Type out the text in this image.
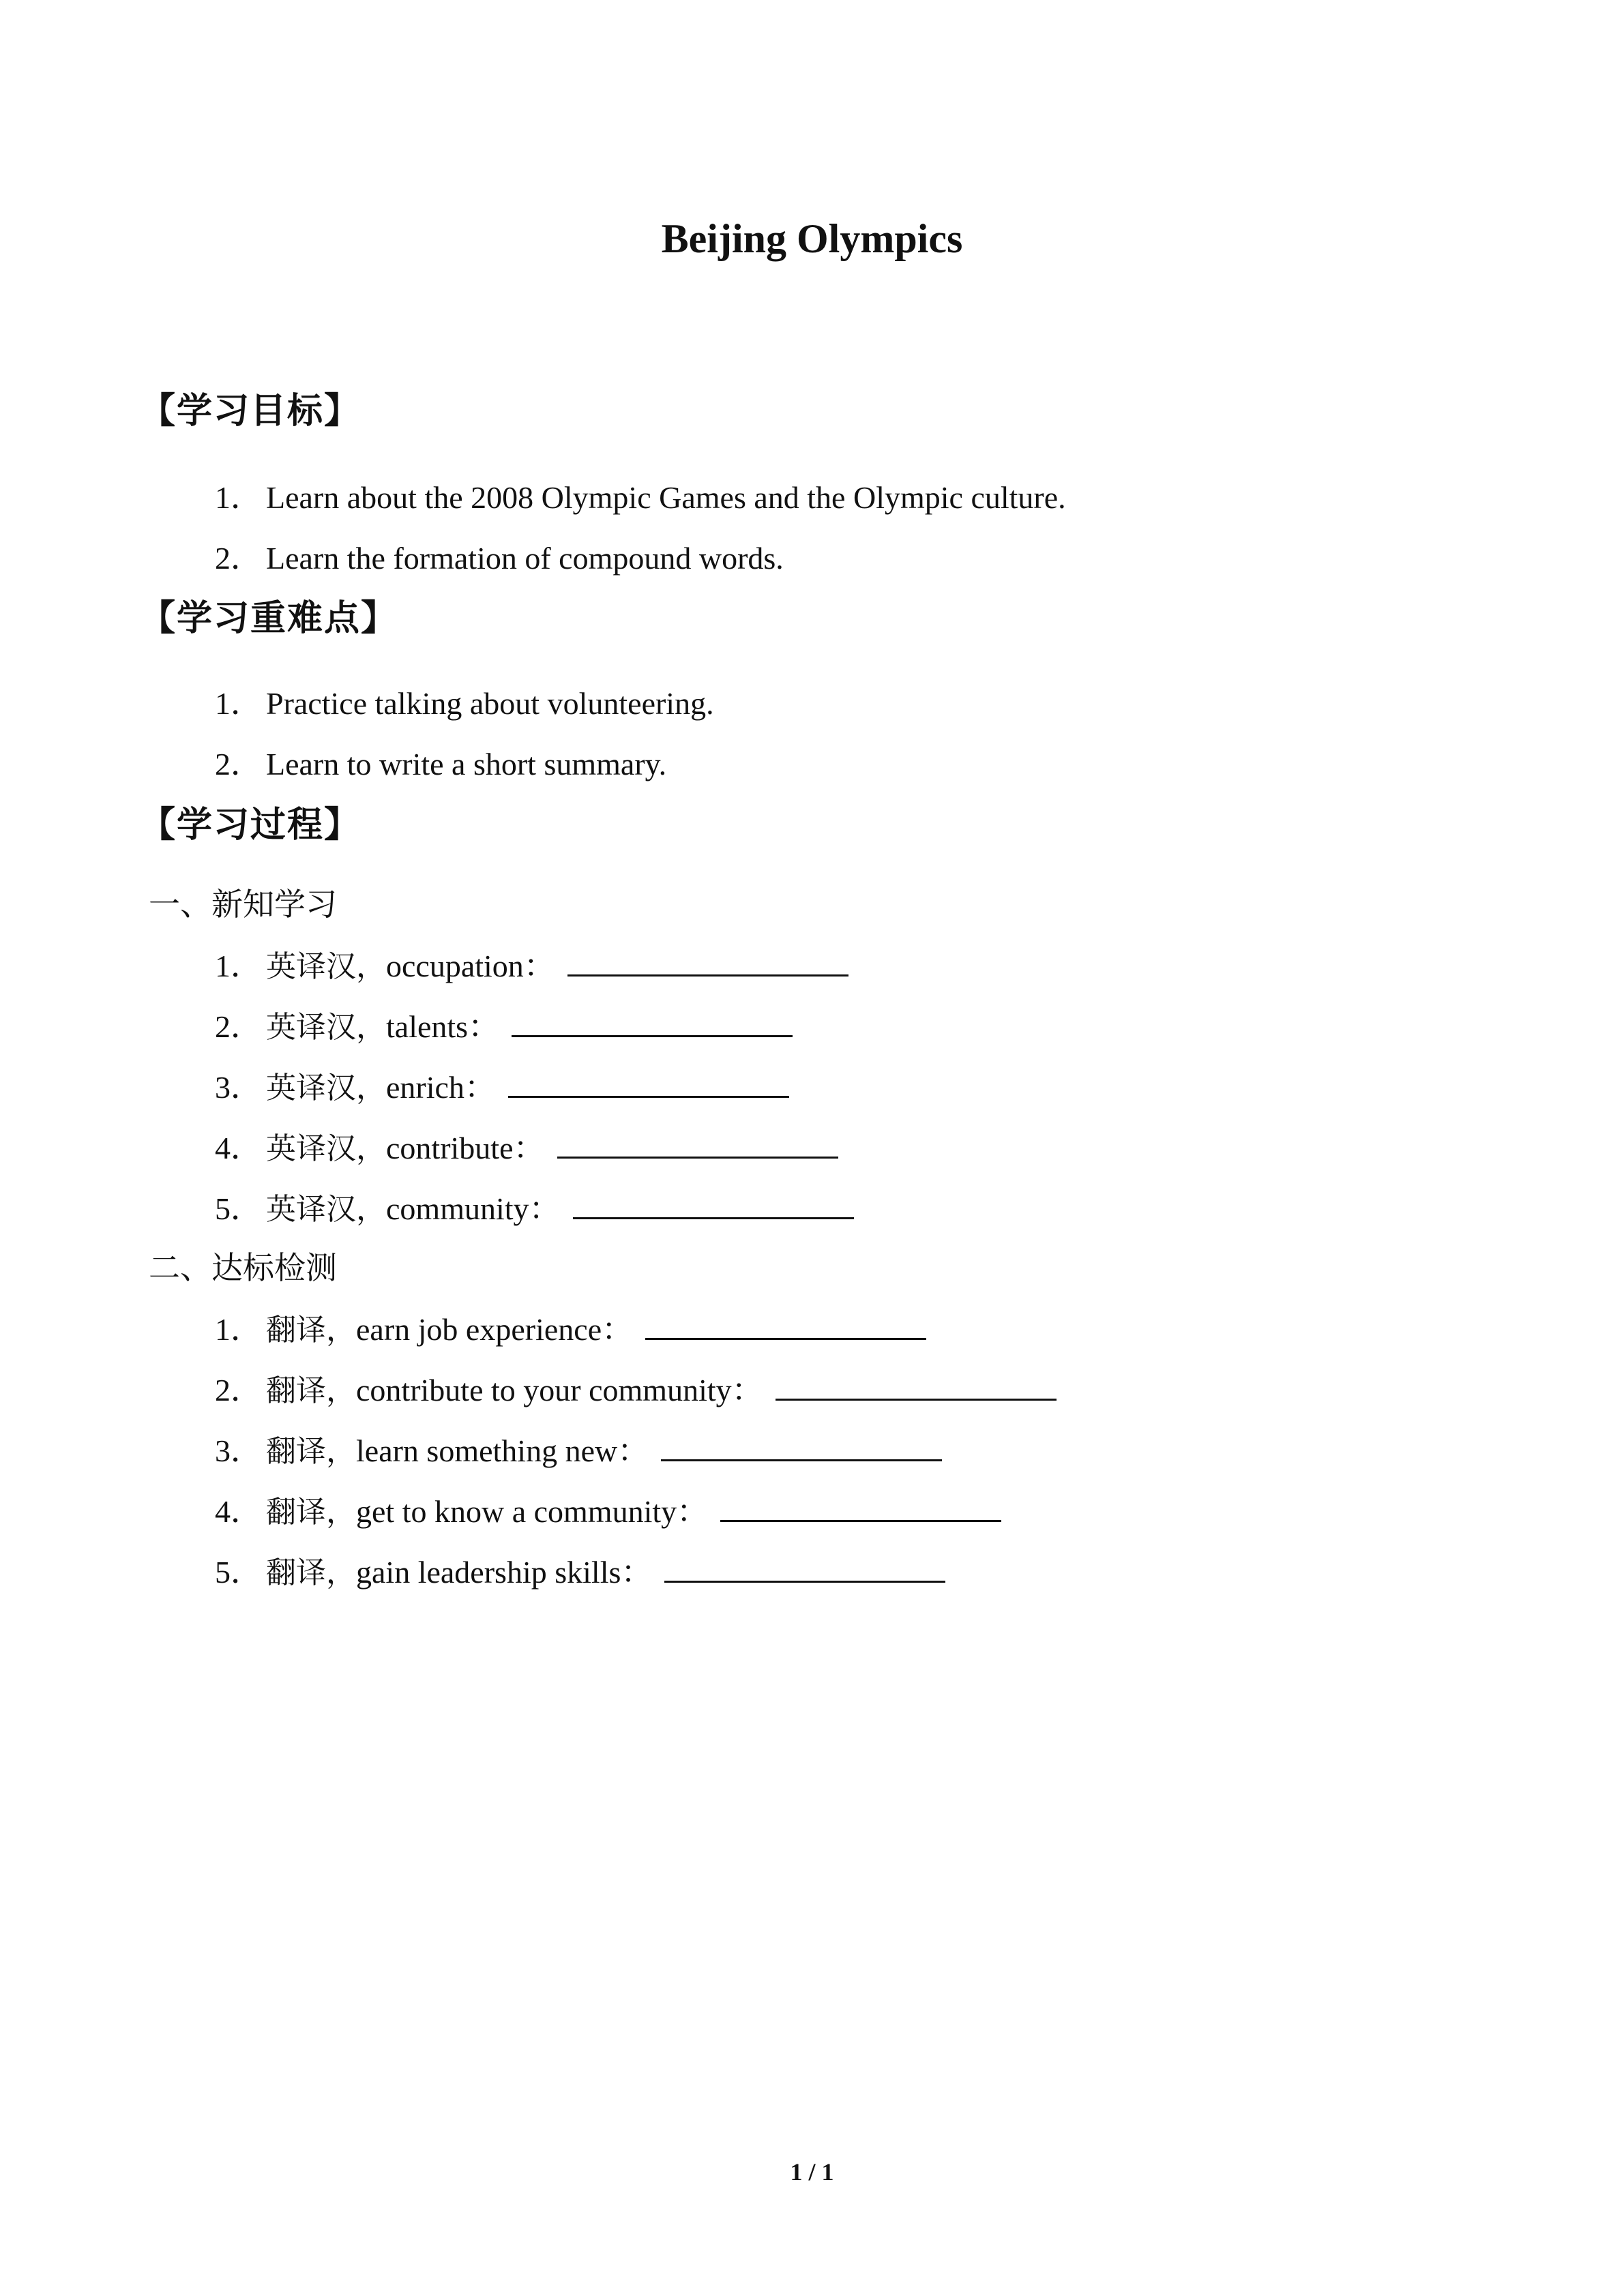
Beijing Olympics
【学习目标】
1． Learn about the 2008 Olympic Games and the Olympic culture.
2． Learn the formation of compound words.
【学习重难点】
1． Practice talking about volunteering.
2． Learn to write a short summary.
【学习过程】
一、新知学习
1． 英译汉， occupation：
2． 英译汉， talents：
3． 英译汉， enrich：
4． 英译汉， contribute：
5． 英译汉， community：
二、达标检测
1． 翻译， earn job experience：
2． 翻译， contribute to your community：
3． 翻译， learn something new：
4． 翻译， get to know a community：
5． 翻译， gain leadership skills：
1 / 1
